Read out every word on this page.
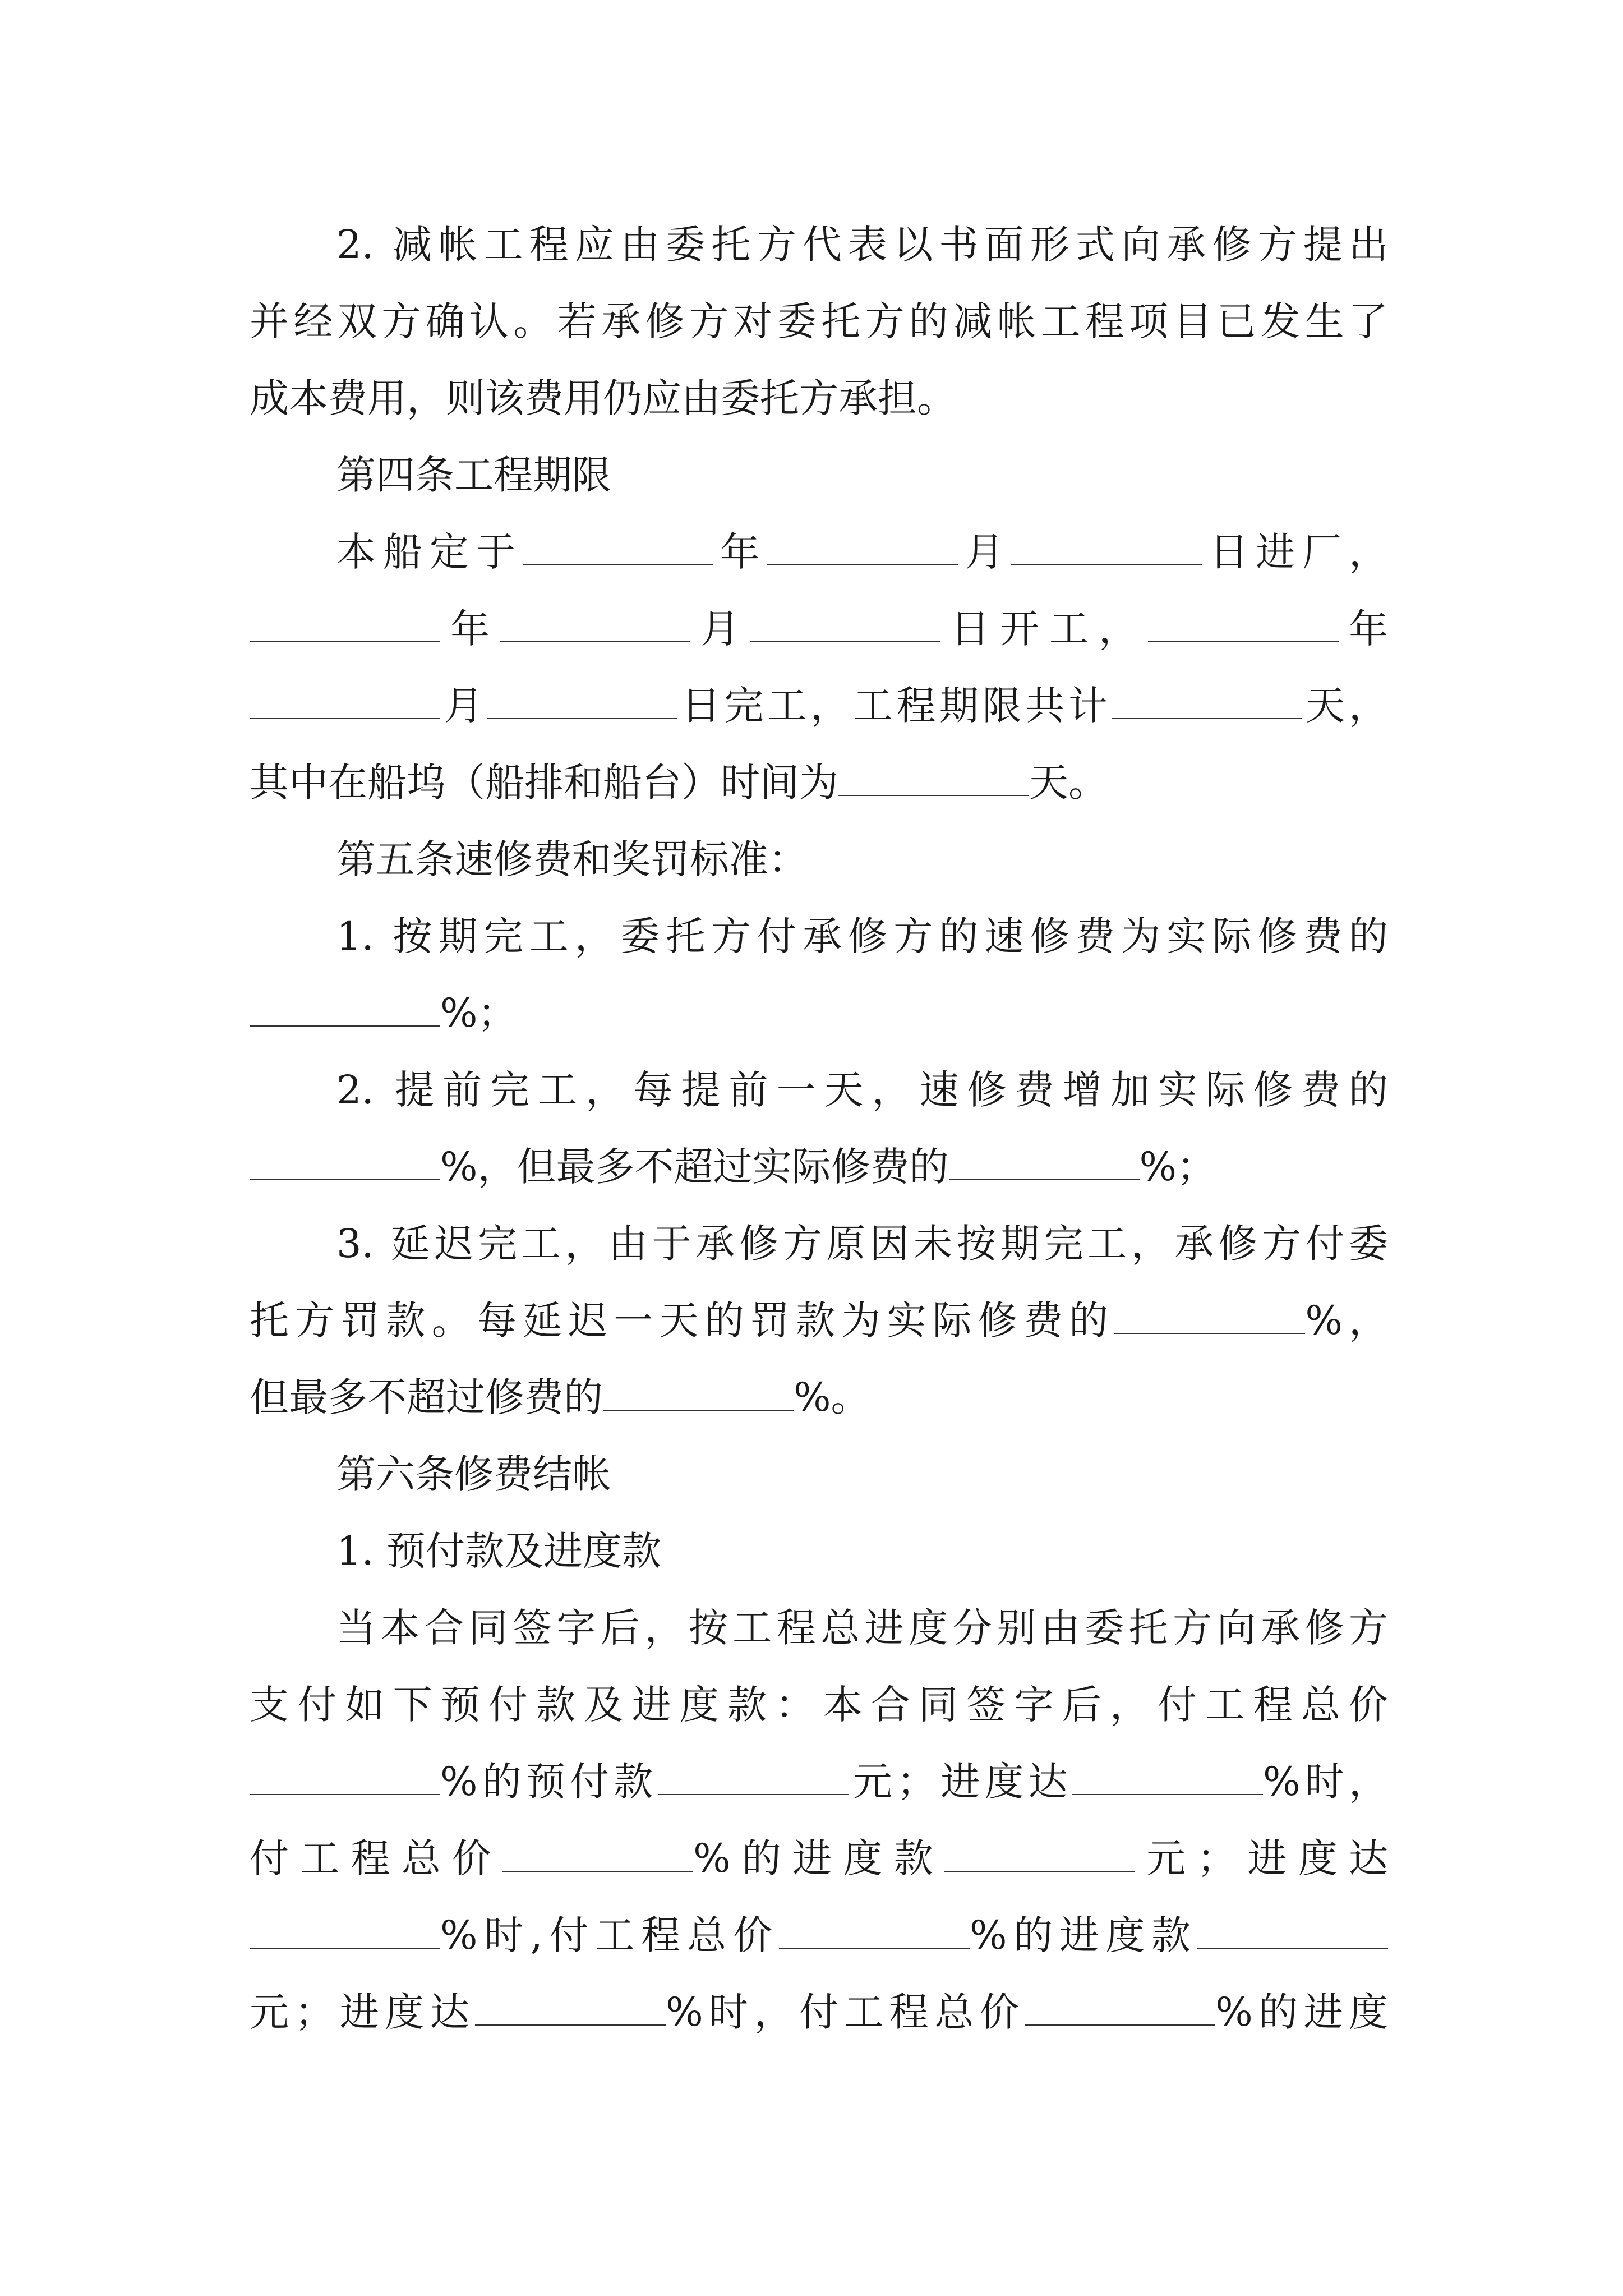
2. 减帐工程应由委托方代表以书面形式向承修方提出
并经双方确认。若承修方对委托方的减帐工程项目已发生了
成本费用，则该费用仍应由委托方承担。
第四条工程期限
本船定于	年	月	日进厂，
年	月	日开工，	年
月	日完工，工程期限共计	天，
其中在船坞（船排和船台）时间为	天。
第五条速修费和奖罚标准：
1. 按期完工，委托方付承修方的速修费为实际修费的
%；
2. 提前完工，每提前一天，速修费增加实际修费的
%，但最多不超过实际修费的	%；
3. 延迟完工，由于承修方原因未按期完工，承修方付委
托方罚款。每延迟一天的罚款为实际修费的	%，
但最多不超过修费的	%。
第六条修费结帐
1. 预付款及进度款
当本合同签字后，按工程总进度分别由委托方向承修方
支付如下预付款及进度款：本合同签字后，付工程总价
%的预付款	元；进度达	%时，
付工程总价	%的进度款	元；进度达
%时,付工程总价	%的进度款
元；进度达	%时，付工程总价	%的进度
